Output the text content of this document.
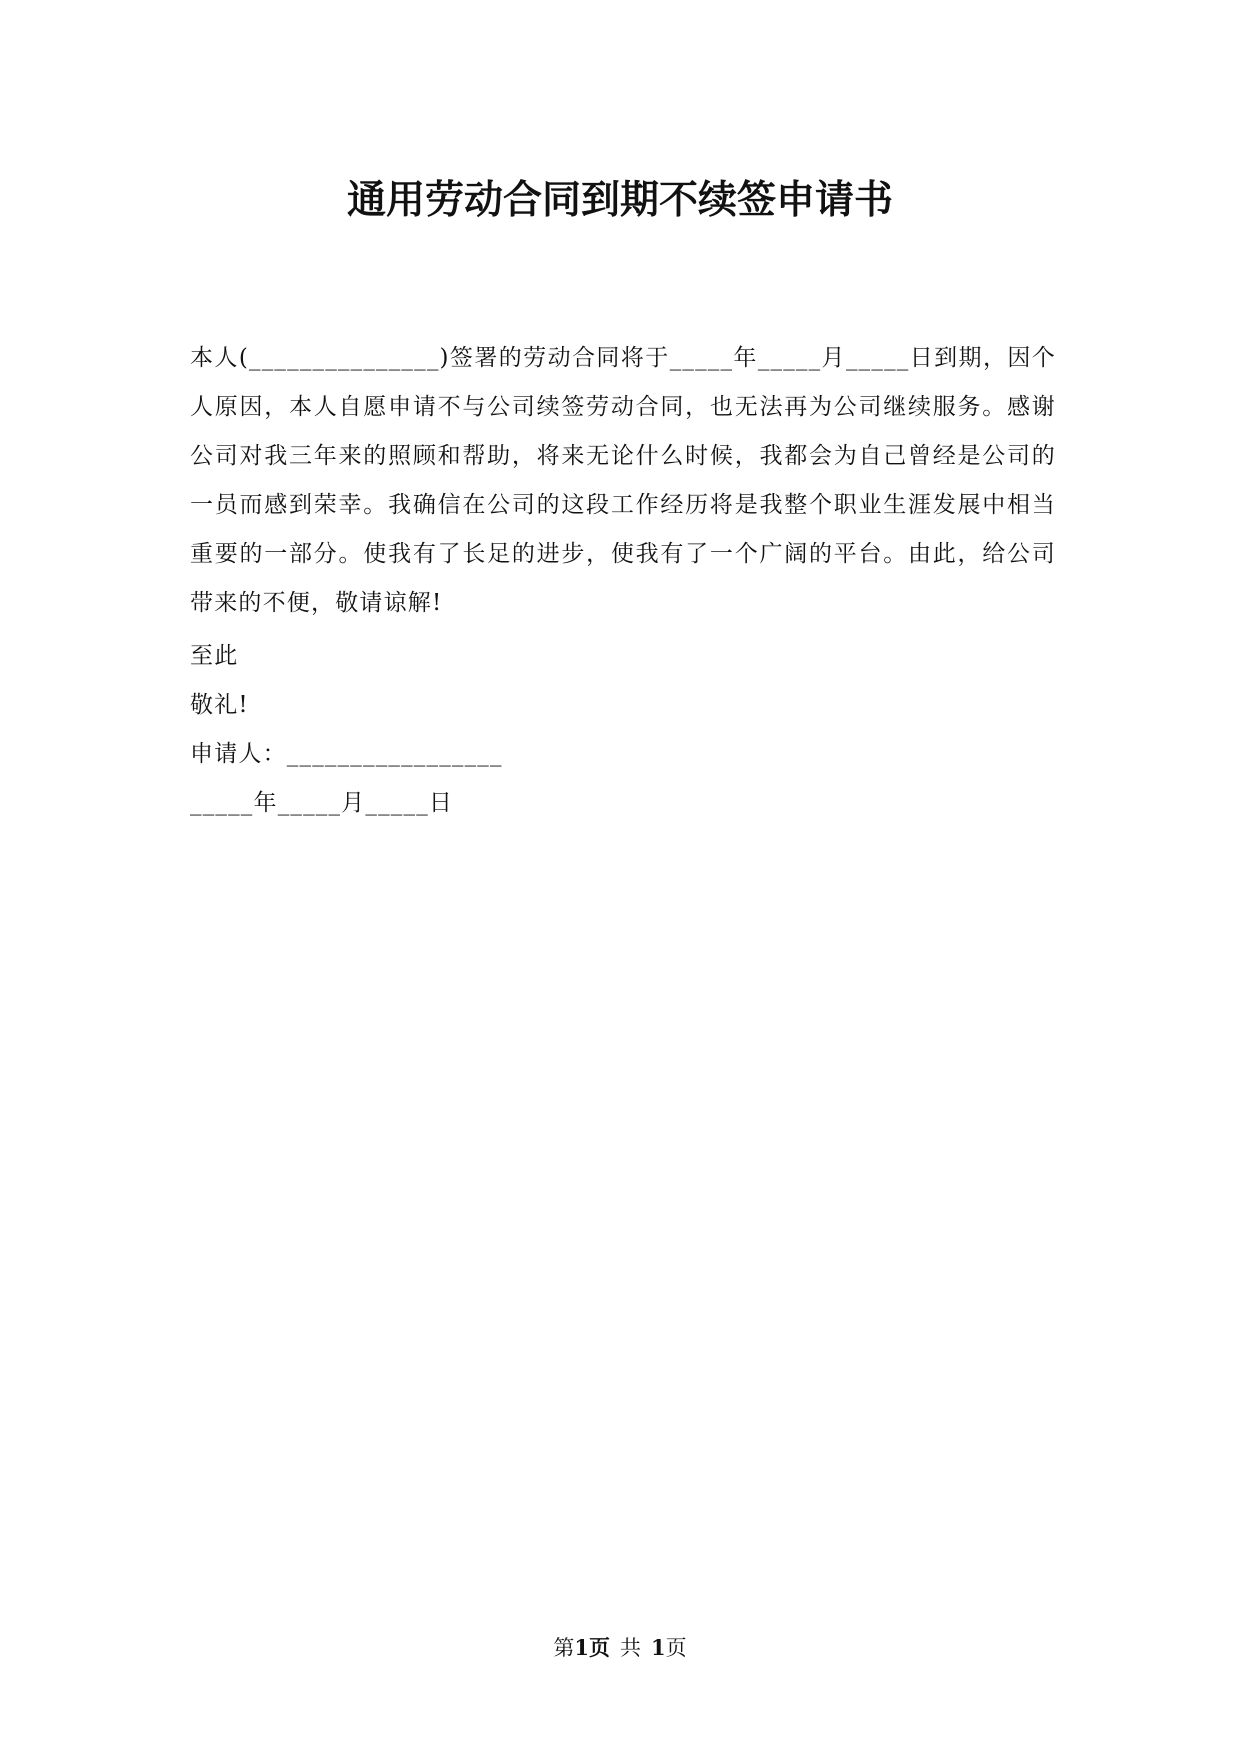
通用劳动合同到期不续签申请书
本人(_______________)签署的劳动合同将于_____年_____月_____日到期，因个人原因，本人自愿申请不与公司续签劳动合同，也无法再为公司继续服务。感谢公司对我三年来的照顾和帮助，将来无论什么时候，我都会为自己曾经是公司的一员而感到荣幸。我确信在公司的这段工作经历将是我整个职业生涯发展中相当重要的一部分。使我有了长足的进步，使我有了一个广阔的平台。由此，给公司带来的不便，敬请谅解!
至此
敬礼!
申请人：_________________
_____年_____月_____日
第1页 共 1页
